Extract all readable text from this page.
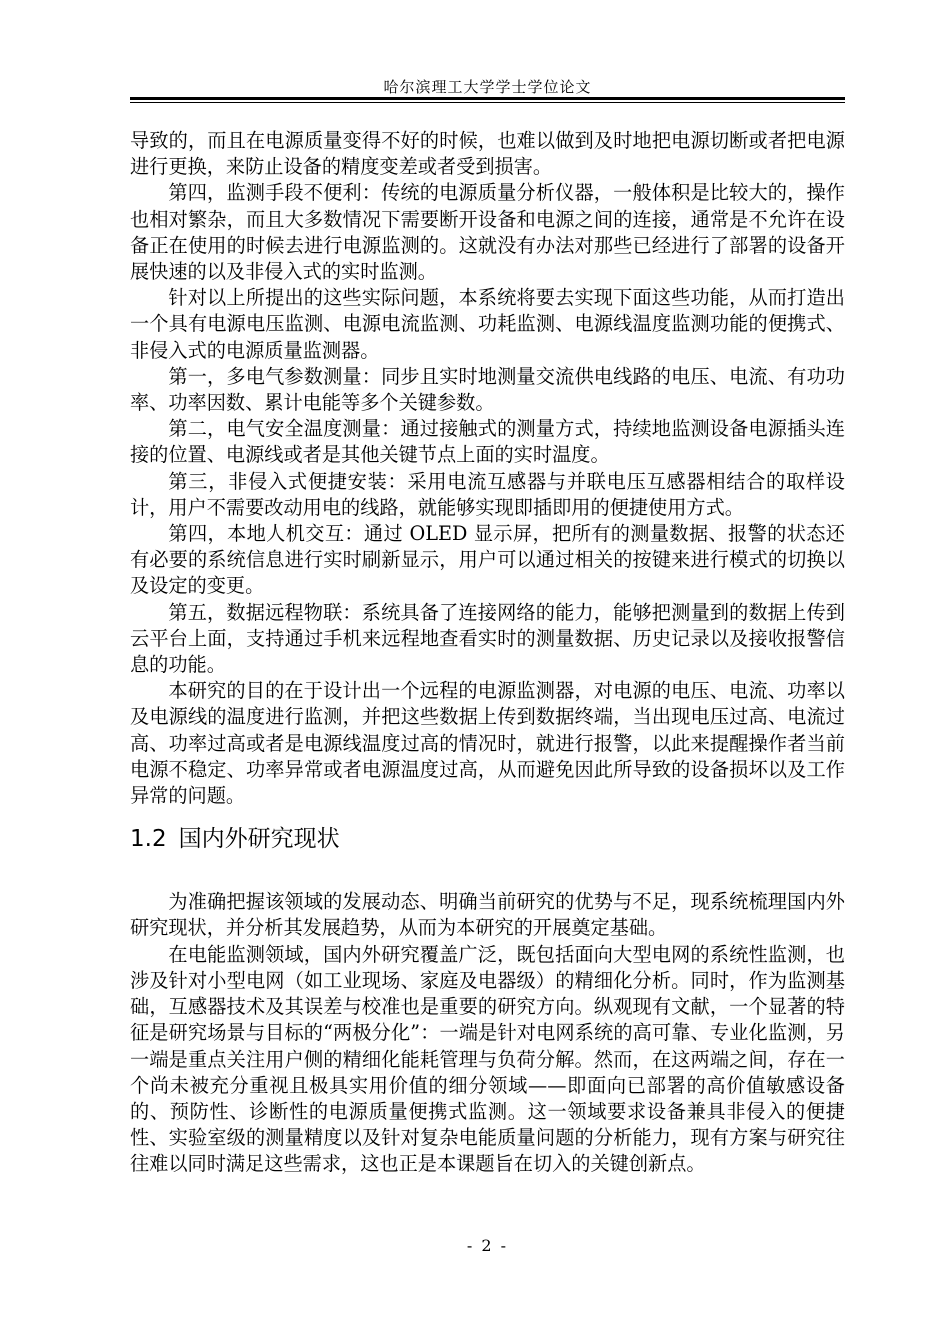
哈尔滨理工大学学士学位论文

导致的，而且在电源质量变得不好的时候，也难以做到及时地把电源切断或者把电源进行更换，来防止设备的精度变差或者受到损害。

第四，监测手段不便利：传统的电源质量分析仪器，一般体积是比较大的，操作也相对繁杂，而且大多数情况下需要断开设备和电源之间的连接，通常是不允许在设备正在使用的时候去进行电源监测的。这就没有办法对那些已经进行了部署的设备开展快速的以及非侵入式的实时监测。

针对以上所提出的这些实际问题，本系统将要去实现下面这些功能，从而打造出一个具有电源电压监测、电源电流监测、功耗监测、电源线温度监测功能的便携式、非侵入式的电源质量监测器。

第一，多电气参数测量：同步且实时地测量交流供电线路的电压、电流、有功功率、功率因数、累计电能等多个关键参数。

第二，电气安全温度测量：通过接触式的测量方式，持续地监测设备电源插头连接的位置、电源线或者是其他关键节点上面的实时温度。

第三，非侵入式便捷安装：采用电流互感器与并联电压互感器相结合的取样设计，用户不需要改动用电的线路，就能够实现即插即用的便捷使用方式。

第四，本地人机交互：通过 OLED 显示屏，把所有的测量数据、报警的状态还有必要的系统信息进行实时刷新显示，用户可以通过相关的按键来进行模式的切换以及设定的变更。

第五，数据远程物联：系统具备了连接网络的能力，能够把测量到的数据上传到云平台上面，支持通过手机来远程地查看实时的测量数据、历史记录以及接收报警信息的功能。

本研究的目的在于设计出一个远程的电源监测器，对电源的电压、电流、功率以及电源线的温度进行监测，并把这些数据上传到数据终端，当出现电压过高、电流过高、功率过高或者是电源线温度过高的情况时，就进行报警，以此来提醒操作者当前电源不稳定、功率异常或者电源温度过高，从而避免因此所导致的设备损坏以及工作异常的问题。

1.2 国内外研究现状

为准确把握该领域的发展动态、明确当前研究的优势与不足，现系统梳理国内外研究现状，并分析其发展趋势，从而为本研究的开展奠定基础。

在电能监测领域，国内外研究覆盖广泛，既包括面向大型电网的系统性监测，也涉及针对小型电网（如工业现场、家庭及电器级）的精细化分析。同时，作为监测基础，互感器技术及其误差与校准也是重要的研究方向。纵观现有文献，一个显著的特征是研究场景与目标的“两极分化”：一端是针对电网系统的高可靠、专业化监测，另一端是重点关注用户侧的精细化能耗管理与负荷分解。然而，在这两端之间，存在一个尚未被充分重视且极具实用价值的细分领域——即面向已部署的高价值敏感设备的、预防性、诊断性的电源质量便携式监测。这一领域要求设备兼具非侵入的便捷性、实验室级的测量精度以及针对复杂电能质量问题的分析能力，现有方案与研究往往难以同时满足这些需求，这也正是本课题旨在切入的关键创新点。

- 2 -
